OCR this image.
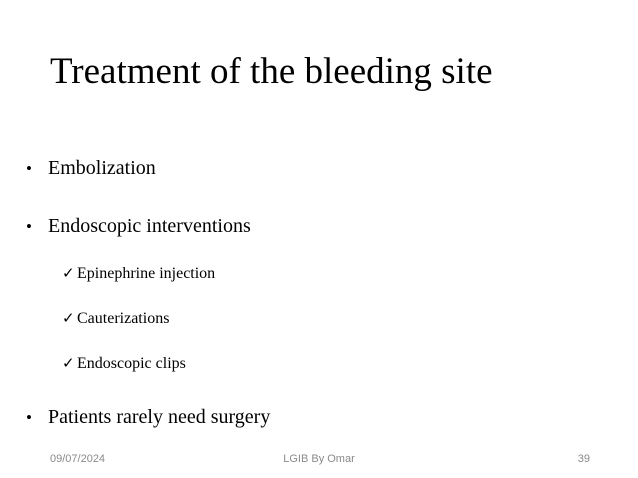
Treatment of the bleeding site
• Embolization
• Endoscopic interventions
✓ Epinephrine injection
✓ Cauterizations
✓ Endoscopic clips
• Patients rarely need surgery
09/07/2024	LGIB By Omar	39
